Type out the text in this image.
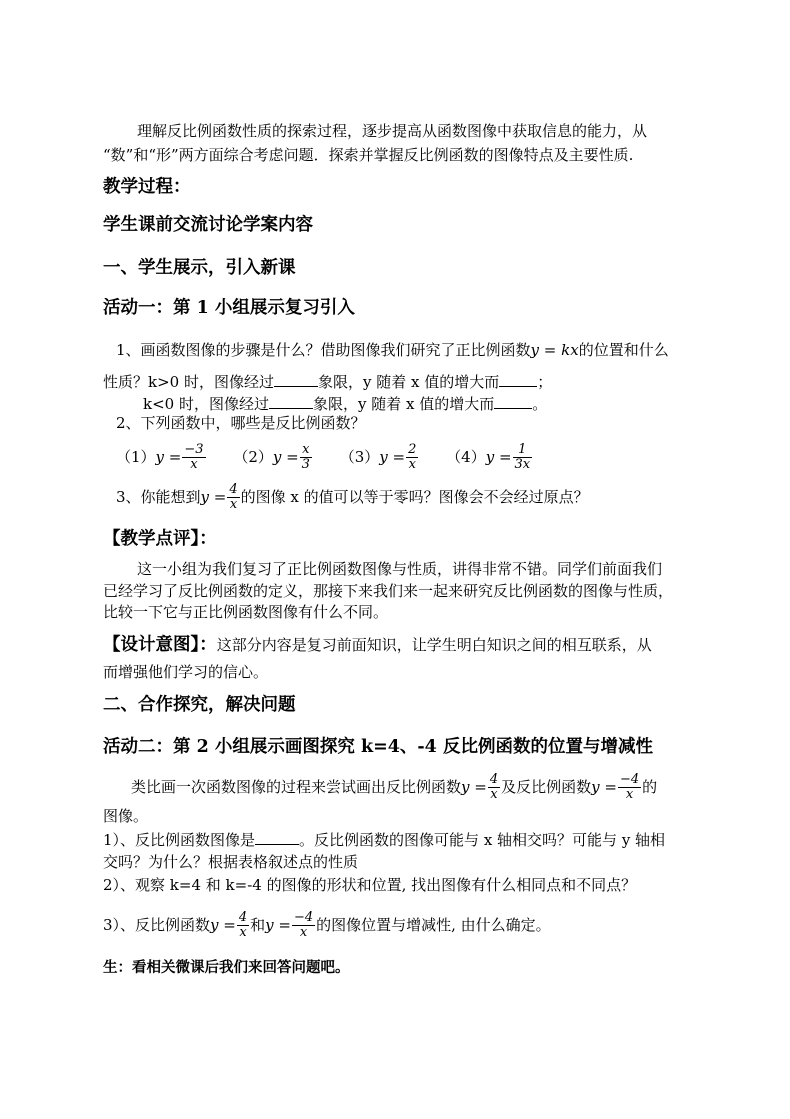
理解反比例函数性质的探索过程，逐步提高从函数图像中获取信息的能力，从
“数”和“形”两方面综合考虑问题．探索并掌握反比例函数的图像特点及主要性质.
教学过程：
学生课前交流讨论学案内容
一、学生展示，引入新课
活动一：第 1 小组展示复习引入
1、画函数图像的步骤是什么？借助图像我们研究了正比例函数y = kx的位置和什么
性质？k>0 时，图像经过	象限，y 随着 x 值的增大而	；
k<0 时，图像经过	象限，y 随着 x 值的增大而	。
2、下列函数中，哪些是反比例函数？
（1） $y = \frac{-3}{x}$
（2） $y = \frac{x}{3}$
（3） $y = \frac{2}{x}$
（4） $y = \frac{1}{3x}$
3、你能想到 $y = \frac{4}{x}$ 的图像 x 的值可以等于零吗？图像会不会经过原点？
【教学点评】：
这一小组为我们复习了正比例函数图像与性质，讲得非常不错。同学们前面我们
已经学习了反比例函数的定义，那接下来我们来一起来研究反比例函数的图像与性质，
比较一下它与正比例函数图像有什么不同。
【设计意图】：这部分内容是复习前面知识，让学生明白知识之间的相互联系，从
而增强他们学习的信心。
二、合作探究，解决问题
活动二：第 2 小组展示画图探究 k=4、-4 反比例函数的位置与增减性
类比画一次函数图像的过程来尝试画出反比例函数 $y = \frac{4}{x}$ 及反比例函数 $y = \frac{-4}{x}$ 的
图像。
1）、反比例函数图像是	。反比例函数的图像可能与 x 轴相交吗？可能与 y 轴相
交吗？为什么？根据表格叙述点的性质
2）、观察 k=4 和 k=-4 的图像的形状和位置, 找出图像有什么相同点和不同点？
3）、反比例函数 $y = \frac{4}{x}$ 和 $y = \frac{-4}{x}$ 的图像位置与增减性, 由什么确定。
生：看相关微课后我们来回答问题吧。
